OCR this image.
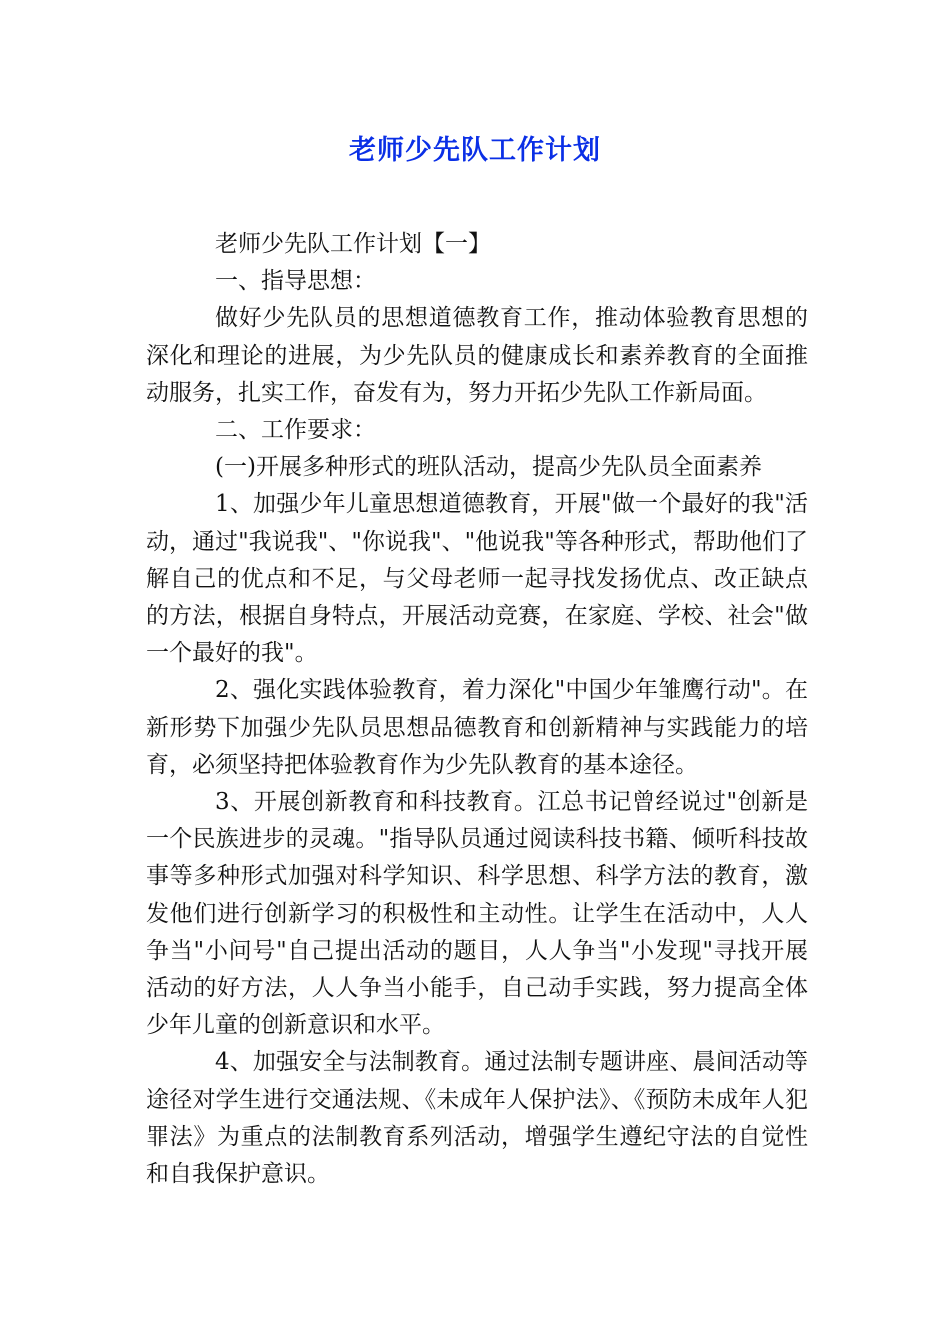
老师少先队工作计划

老师少先队工作计划【一】

一、指导思想：

做好少先队员的思想道德教育工作，推动体验教育思想的深化和理论的进展，为少先队员的健康成长和素养教育的全面推动服务，扎实工作，奋发有为，努力开拓少先队工作新局面。

二、工作要求：

(一)开展多种形式的班队活动，提高少先队员全面素养

1、加强少年儿童思想道德教育，开展"做一个最好的我"活动，通过"我说我"、"你说我"、"他说我"等各种形式，帮助他们了解自己的优点和不足，与父母老师一起寻找发扬优点、改正缺点的方法，根据自身特点，开展活动竞赛，在家庭、学校、社会"做一个最好的我"。

2、强化实践体验教育，着力深化"中国少年雏鹰行动"。在新形势下加强少先队员思想品德教育和创新精神与实践能力的培育，必须坚持把体验教育作为少先队教育的基本途径。

3、开展创新教育和科技教育。江总书记曾经说过"创新是一个民族进步的灵魂。"指导队员通过阅读科技书籍、倾听科技故事等多种形式加强对科学知识、科学思想、科学方法的教育，激发他们进行创新学习的积极性和主动性。让学生在活动中，人人争当"小问号"自己提出活动的题目，人人争当"小发现"寻找开展活动的好方法，人人争当小能手，自己动手实践，努力提高全体少年儿童的创新意识和水平。

4、加强安全与法制教育。通过法制专题讲座、晨间活动等途径对学生进行交通法规、《未成年人保护法》、《预防未成年人犯罪法》为重点的法制教育系列活动，增强学生遵纪守法的自觉性和自我保护意识。
